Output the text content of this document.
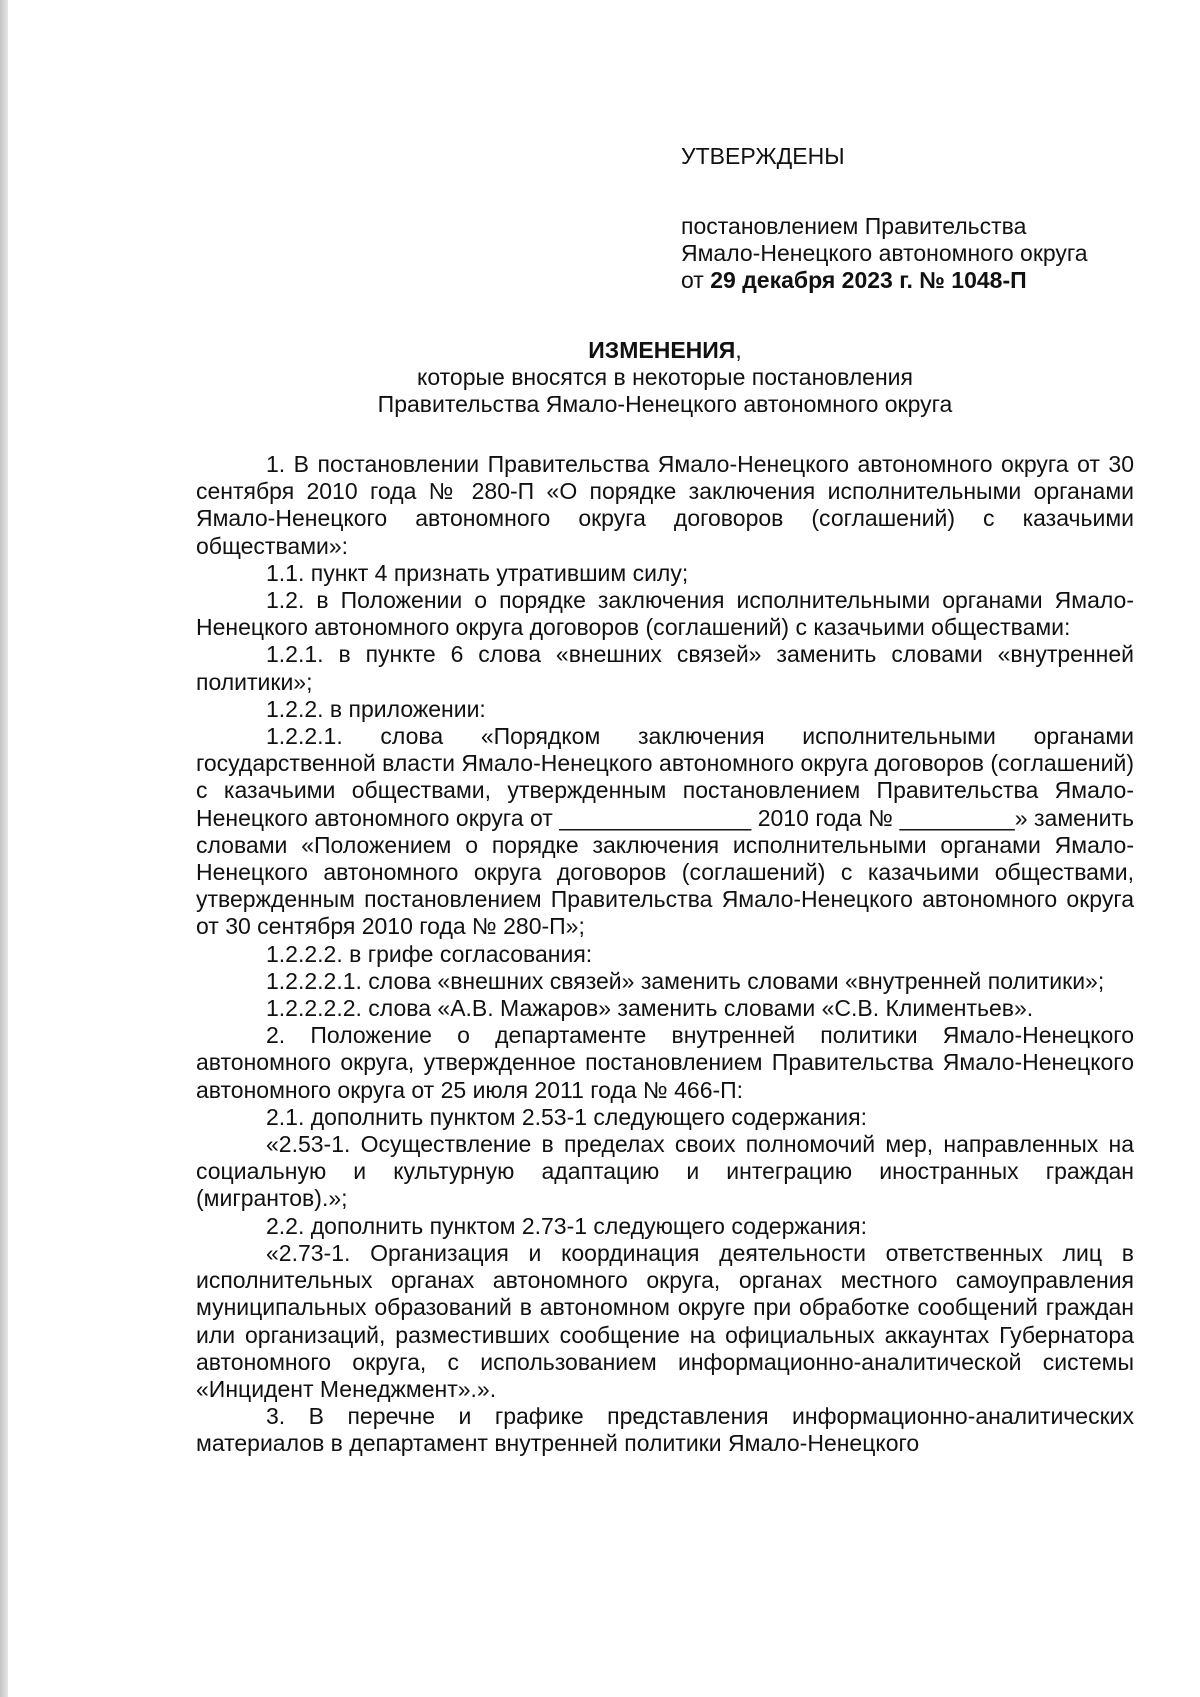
УТВЕРЖДЕНЫ
постановлением Правительства
Ямало-Ненецкого автономного округа
от 29 декабря 2023 г. № 1048-П
ИЗМЕНЕНИЯ,
которые вносятся в некоторые постановления
Правительства Ямало-Ненецкого автономного округа

1. В постановлении Правительства Ямало-Ненецкого автономного округа от 30 сентября 2010 года № 280-П «О порядке заключения исполнительными органами Ямало-Ненецкого автономного округа договоров (соглашений) с казачьими обществами»:

1.1. пункт 4 признать утратившим силу;

1.2. в Положении о порядке заключения исполнительными органами Ямало-Ненецкого автономного округа договоров (соглашений) с казачьими обществами:

1.2.1. в пункте 6 слова «внешних связей» заменить словами «внутренней политики»;

1.2.2. в приложении:

1.2.2.1. слова «Порядком заключения исполнительными органами государственной власти Ямало-Ненецкого автономного округа договоров (соглашений) с казачьими обществами, утвержденным постановлением Правительства Ямало-Ненецкого автономного округа от _______________ 2010 года № _________» заменить словами «Положением о порядке заключения исполнительными органами Ямало-Ненецкого автономного округа договоров (соглашений) с казачьими обществами, утвержденным постановлением Правительства Ямало-Ненецкого автономного округа от 30 сентября 2010 года № 280-П»;

1.2.2.2. в грифе согласования:

1.2.2.2.1. слова «внешних связей» заменить словами «внутренней политики»;

1.2.2.2.2. слова «А.В. Мажаров» заменить словами «С.В. Климентьев».

2. Положение о департаменте внутренней политики Ямало-Ненецкого автономного округа, утвержденное постановлением Правительства Ямало-Ненецкого автономного округа от 25 июля 2011 года № 466-П:

2.1. дополнить пунктом 2.53-1 следующего содержания:

«2.53-1. Осуществление в пределах своих полномочий мер, направленных на социальную и культурную адаптацию и интеграцию иностранных граждан (мигрантов).»;

2.2. дополнить пунктом 2.73-1 следующего содержания:

«2.73-1. Организация и координация деятельности ответственных лиц в исполнительных органах автономного округа, органах местного самоуправления муниципальных образований в автономном округе при обработке сообщений граждан или организаций, разместивших сообщение на официальных аккаунтах Губернатора автономного округа, с использованием информационно-аналитической системы «Инцидент Менеджмент».».

3. В перечне и графике представления информационно-аналитических материалов в департамент внутренней политики Ямало-Ненецкого
